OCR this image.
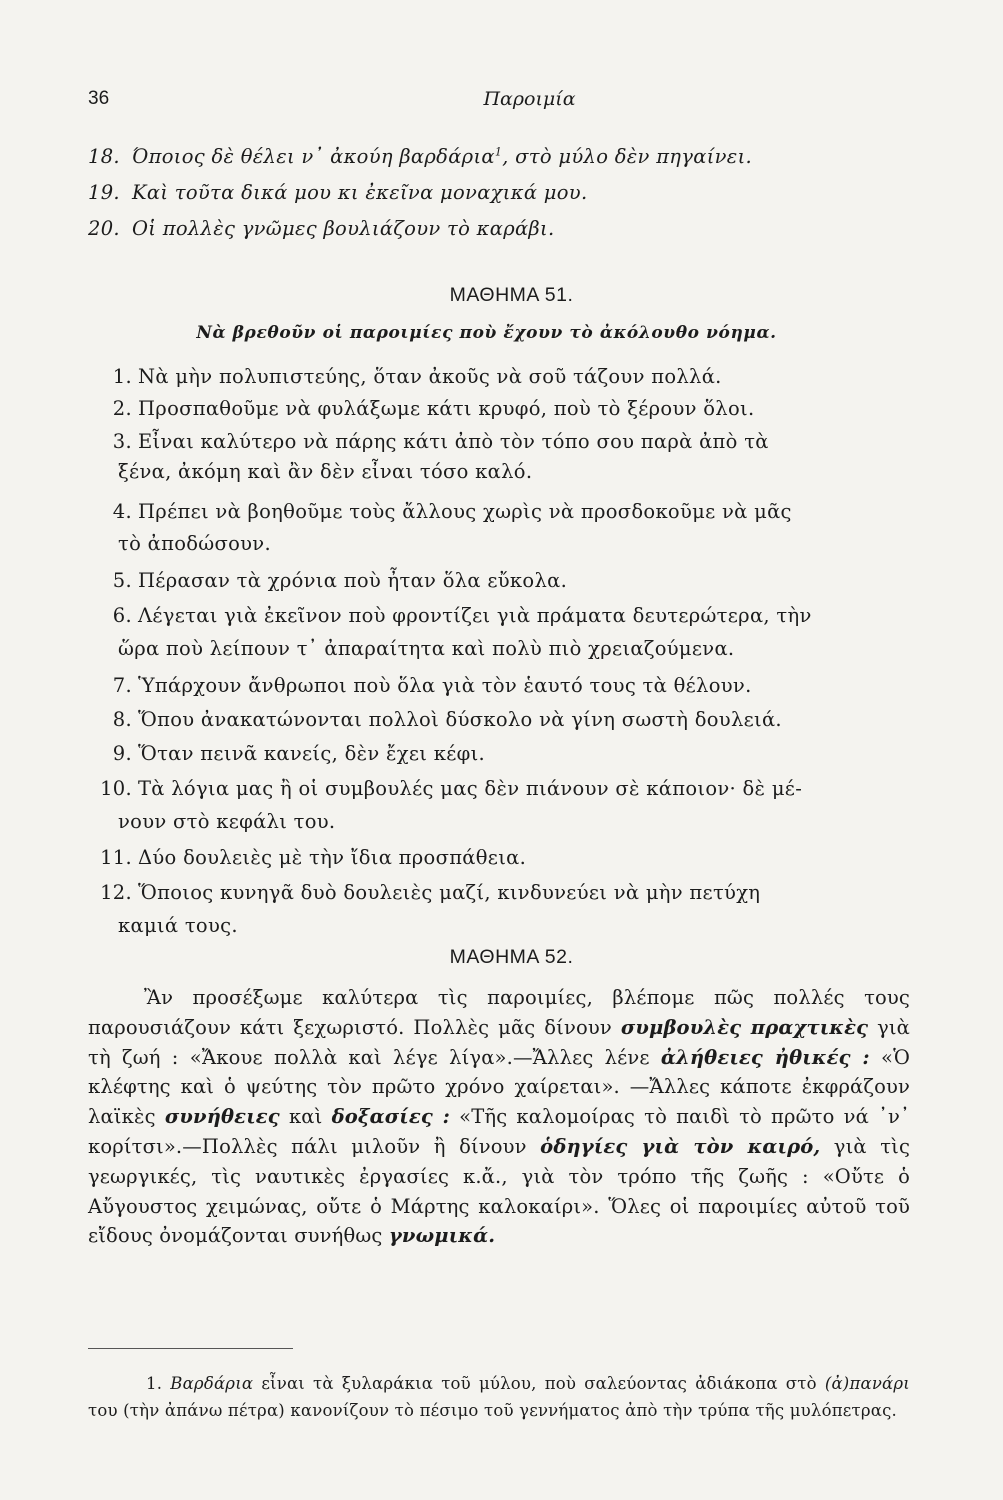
36	Παροιμία
18. Όποιος δὲ θέλει ν᾽ ἀκούη βαρδάρια$^1$, στὸ μύλο δὲν πηγαίνει.
19. Καὶ τοῦτα δικά μου κι ἐκεῖνα μοναχικά μου.
20. Οἱ πολλὲς γνῶμες βουλιάζουν τὸ καράβι.
ΜΑΘΗΜΑ 51.
Νὰ βρεθοῦν οἱ παροιμίες ποὺ ἔχουν τὸ ἀκόλουθο νόημα.
1. Νὰ μὴν πολυπιστεύης, ὅταν ἀκοῦς νὰ σοῦ τάζουν πολλά.
2. Προσπαθοῦμε νὰ φυλάξωμε κάτι κρυφό, ποὺ τὸ ξέρουν ὅλοι.
3. Εἶναι καλύτερο νὰ πάρης κάτι ἀπὸ τὸν τόπο σου παρὰ ἀπὸ τὰ
ξένα, ἀκόμη καὶ ἂν δὲν εἶναι τόσο καλό.
4. Πρέπει νὰ βοηθοῦμε τοὺς ἄλλους χωρὶς νὰ προσδοκοῦμε νὰ μᾶς
τὸ ἀποδώσουν.
5. Πέρασαν τὰ χρόνια ποὺ ἦταν ὅλα εὔκολα.
6. Λέγεται γιὰ ἐκεῖνον ποὺ φροντίζει γιὰ πράματα δευτερώτερα, τὴν
ὥρα ποὺ λείπουν τ᾽ ἀπαραίτητα καὶ πολὺ πιὸ χρειαζούμενα.
7. Ὑπάρχουν ἄνθρωποι ποὺ ὅλα γιὰ τὸν ἑαυτό τους τὰ θέλουν.
8. Ὅπου ἀνακατώνονται πολλοὶ δύσκολο νὰ γίνη σωστὴ δουλειά.
9. Ὅταν πεινᾶ κανείς, δὲν ἔχει κέφι.
10. Τὰ λόγια μας ἢ οἱ συμβουλές μας δὲν πιάνουν σὲ κάποιον· δὲ μέ-
νουν στὸ κεφάλι του.
11. Δύο δουλειὲς μὲ τὴν ἴδια προσπάθεια.
12. Ὅποιος κυνηγᾶ δυὸ δουλειὲς μαζί, κινδυνεύει νὰ μὴν πετύχη
καμιά τους.
ΜΑΘΗΜΑ 52.
Ἂν προσέξωμε καλύτερα τὶς παροιμίες, βλέπομε πῶς πολλές τους παρουσιάζουν κάτι ξεχωριστό. Πολλὲς μᾶς δίνουν συμβουλὲς πραχτικὲς γιὰ τὴ ζωή : «Ἄκουε πολλὰ καὶ λέγε λίγα».—Ἄλλες λένε ἀλήθειες ἠθικές : «Ὁ κλέφτης καὶ ὁ ψεύτης τὸν πρῶτο χρόνο χαίρεται». —Ἄλλες κάποτε ἐκφράζουν λαϊκὲς συνήθειες καὶ δοξασίες : «Τῆς καλομοίρας τὸ παιδὶ τὸ πρῶτο νά ᾽ν᾽ κορίτσι».—Πολλὲς πάλι μιλοῦν ἢ δίνουν ὁδηγίες γιὰ τὸν καιρό, γιὰ τὶς γεωργικές, τὶς ναυτικὲς ἐργασίες κ.ἄ., γιὰ τὸν τρόπο τῆς ζωῆς : «Οὔτε ὁ Αὔγουστος χειμώνας, οὔτε ὁ Μάρτης καλοκαίρι». Ὅλες οἱ παροιμίες αὐτοῦ τοῦ εἴδους ὀνομάζονται συνήθως γνωμικά.
1. Βαρδάρια εἶναι τὰ ξυλαράκια τοῦ μύλου, ποὺ σαλεύοντας ἀδιάκοπα στὸ (ἀ)πανάρι του (τὴν ἀπάνω πέτρα) κανονίζουν τὸ πέσιμο τοῦ γεννήματος ἀπὸ τὴν τρύπα τῆς μυλόπετρας.
